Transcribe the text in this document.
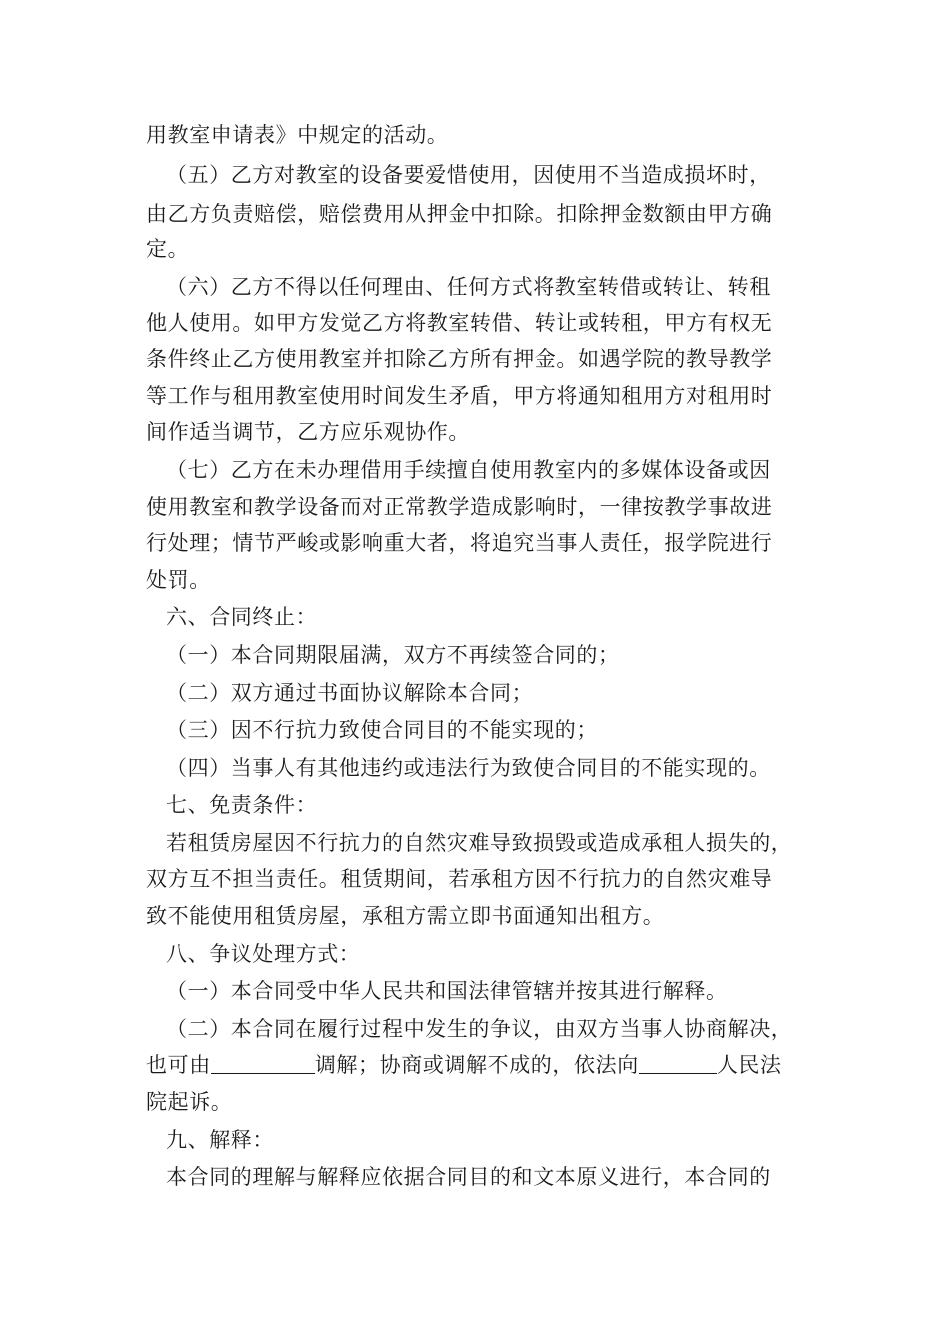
用教室申请表》中规定的活动。
（五）乙方对教室的设备要爱惜使用，因使用不当造成损坏时，
由乙方负责赔偿，赔偿费用从押金中扣除。扣除押金数额由甲方确
定。
（六）乙方不得以任何理由、任何方式将教室转借或转让、转租
他人使用。如甲方发觉乙方将教室转借、转让或转租，甲方有权无
条件终止乙方使用教室并扣除乙方所有押金。如遇学院的教导教学
等工作与租用教室使用时间发生矛盾，甲方将通知租用方对租用时
间作适当调节，乙方应乐观协作。
（七）乙方在未办理借用手续擅自使用教室内的多媒体设备或因
使用教室和教学设备而对正常教学造成影响时，一律按教学事故进
行处理；情节严峻或影响重大者，将追究当事人责任，报学院进行
处罚。
六、合同终止：
（一）本合同期限届满，双方不再续签合同的；
（二）双方通过书面协议解除本合同；
（三）因不行抗力致使合同目的不能实现的；
（四）当事人有其他违约或违法行为致使合同目的不能实现的。
七、免责条件：
若租赁房屋因不行抗力的自然灾难导致损毁或造成承租人损失的，
双方互不担当责任。租赁期间，若承租方因不行抗力的自然灾难导
致不能使用租赁房屋，承租方需立即书面通知出租方。
八、争议处理方式：
（一）本合同受中华人民共和国法律管辖并按其进行解释。
（二）本合同在履行过程中发生的争议，由双方当事人协商解决，
也可由	调解；协商或调解不成的，依法向	人民法
院起诉。
九、解释：
本合同的理解与解释应依据合同目的和文本原义进行，本合同的
